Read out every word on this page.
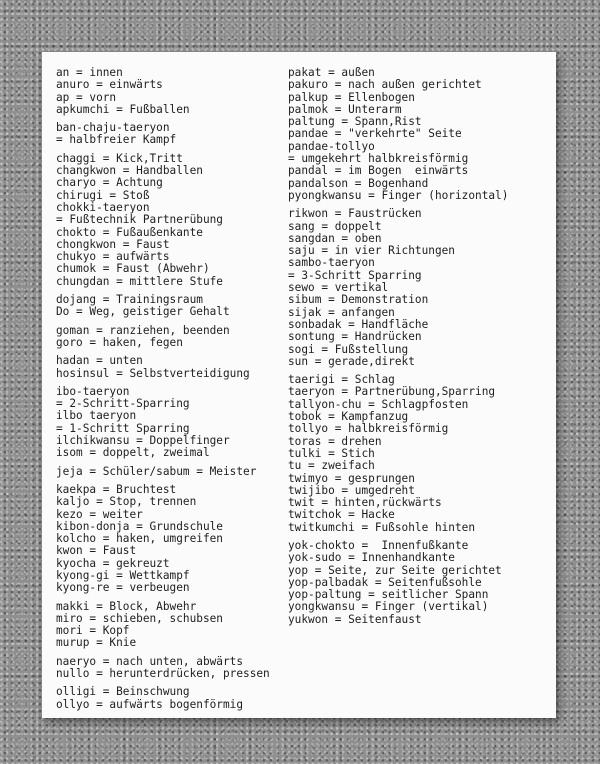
an = innen
anuro = einwärts
ap = vorn
apkumchi = Fußballen
ban-chaju-taeryon
= halbfreier Kampf
chaggi = Kick,Tritt
changkwon = Handballen
charyo = Achtung
chirugi = Stoß
chokki-taeryon
= Fußtechnik Partnerübung
chokto = Fußaußenkante
chongkwon = Faust
chukyo = aufwärts
chumok = Faust (Abwehr)
chungdan = mittlere Stufe
dojang = Trainingsraum
Do = Weg, geistiger Gehalt
goman = ranziehen, beenden
goro = haken, fegen
hadan = unten
hosinsul = Selbstverteidigung
ibo-taeryon
= 2-Schritt-Sparring
ilbo taeryon
= 1-Schritt Sparring
ilchikwansu = Doppelfinger
isom = doppelt, zweimal
jeja = Schüler/sabum = Meister
kaekpa = Bruchtest
kaljo = Stop, trennen
kezo = weiter
kibon-donja = Grundschule
kolcho = haken, umgreifen
kwon = Faust
kyocha = gekreuzt
kyong-gi = Wettkampf
kyong-re = verbeugen
makki = Block, Abwehr
miro = schieben, schubsen
mori = Kopf
murup = Knie
naeryo = nach unten, abwärts
nullo = herunterdrücken, pressen
olligi = Beinschwung
ollyo = aufwärts bogenförmig
pakat = außen
pakuro = nach außen gerichtet
palkup = Ellenbogen
palmok = Unterarm
paltung = Spann,Rist
pandae = "verkehrte" Seite
pandae-tollyo
= umgekehrt halbkreisförmig
pandal = im Bogen  einwärts
pandalson = Bogenhand
pyongkwansu = Finger (horizontal)
rikwon = Faustrücken
sang = doppelt
sangdan = oben
saju = in vier Richtungen
sambo-taeryon
= 3-Schritt Sparring
sewo = vertikal
sibum = Demonstration
sijak = anfangen
sonbadak = Handfläche
sontung = Handrücken
sogi = Fußstellung
sun = gerade,direkt
taerigi = Schlag
taeryon = Partnerübung,Sparring
tallyon-chu = Schlagpfosten
tobok = Kampfanzug
tollyo = halbkreisförmig
toras = drehen
tulki = Stich
tu = zweifach
twimyo = gesprungen
twijibo = umgedreht
twit = hinten,rückwärts
twitchok = Hacke
twitkumchi = Fußsohle hinten
yok-chokto =  Innenfußkante
yok-sudo = Innenhandkante
yop = Seite, zur Seite gerichtet
yop-palbadak = Seitenfußsohle
yop-paltung = seitlicher Spann
yongkwansu = Finger (vertikal)
yukwon = Seitenfaust
